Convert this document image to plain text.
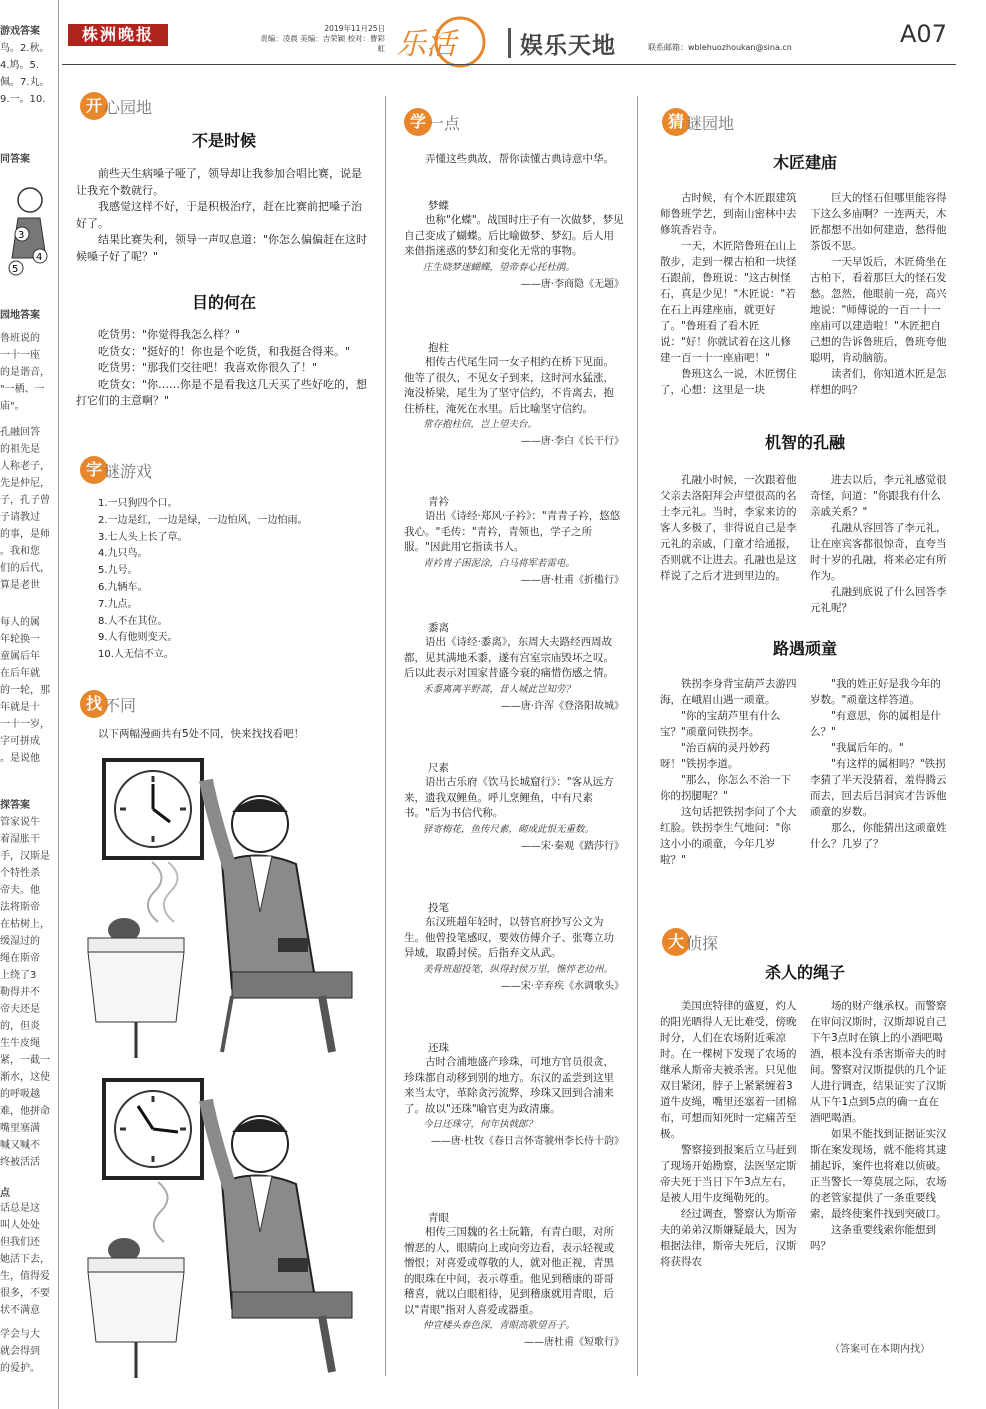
株洲晚报	2019年11月25日
责编：凌晨 美编：吉荣颖 校对：曹彩虹 乐活	娱乐天地	联系邮箱：wblehuozhoukan@sina.cn	A07
游戏答案
鸟。2.秋。
4.鸠。5.
佩。7.丸。
9.一。10.
同答案
3
4
5
园地答案
鲁班说的
一十一座
的是谐音，
"一栖、一
庙"。
孔融回答
的祖先是
人称老子，
先是仲尼，
子，孔子曾
子请教过
的事，是师
。我和您
们的后代，
算是老世
每人的属
年轮换一
童属后年
在后年就
的一轮，那
年就是十
一十一岁，
字可拼成
。是说他
探答案
管家说牛
着湿胀干
手，汉斯是
个特性杀
帝夫。他
法将斯帝
在枯树上，
缓湿过的
绳在斯帝
上绕了3
勒得并不
帝夫还是
的，但炎
生牛皮绳
紧，一截一
渐水，这使
的呼吸越
难，他拼命
嘴里塞满
喊又喊不
终被活活
点
话总是这
叫人处处
但我们还
她活下去，
生，值得爱
很多，不要
状不满意
学会与大
就会得到
的爱护。
开 心园地
不是时候

前些天生病嗓子哑了，领导却让我参加合唱比赛，说是让我充个数就行。

我感觉这样不好，于是积极治疗，赶在比赛前把嗓子治好了。

结果比赛失利，领导一声叹息道："你怎么偏偏赶在这时候嗓子好了呢？"

目的何在

吃货男："你觉得我怎么样？"

吃货女："挺好的！你也是个吃货，和我挺合得来。"

吃货男："那我们交往吧！我喜欢你很久了！"

吃货女："你……你是不是看我这几天买了些好吃的，想打它们的主意啊？"

字 谜游戏
1.一只狗四个口。
2.一边是红，一边是绿，一边怕风，一边怕雨。
3.七人头上长了草。
4.九只鸟。
5.九号。
6.九辆车。
7.九点。
8.人不在其位。
9.人有他则变天。
10.人无信不立。
找 不同
以下两幅漫画共有5处不同，快来找找看吧！
学 一点
弄懂这些典故，帮你读懂古典诗意中华。
梦蝶
也称"化蝶"。战国时庄子有一次做梦，梦见自己变成了蝴蝶。后比喻做梦、梦幻。后人用来借指迷惑的梦幻和变化无常的事物。
庄生晓梦迷蝴蝶，望帝春心托杜鹃。
——唐·李商隐《无题》
抱柱
相传古代尾生同一女子相约在桥下见面。他等了很久，不见女子到来，这时河水猛涨，淹没桥梁，尾生为了坚守信约，不肯离去，抱住桥柱，淹死在水里。后比喻坚守信约。
常存抱柱信，岂上望夫台。
——唐·李白《长干行》
青衿
语出《诗经·郑风·子衿》："青青子衿，悠悠我心。"毛传："青衿，青领也，学子之所服。"因此用它指读书人。
青衿胄子困泥涂，白马将军若雷电。
——唐·杜甫《折槛行》
黍离
语出《诗经·黍离》，东周大夫路经西周故都，见其满地禾黍，遂有宫室宗庙毁坏之叹。后以此表示对国家昔盛今衰的痛惜伤感之情。
禾黍离离半野蒿，昔人城此岂知劳？
——唐·许浑《登洛阳故城》
尺素
语出古乐府《饮马长城窟行》："客从远方来，遗我双鲤鱼。呼儿烹鲤鱼，中有尺素书。"后为书信代称。
驿寄梅花，鱼传尺素，砌成此恨无重数。
——宋·秦观《踏莎行》
投笔
东汉班超年轻时，以替官府抄写公文为生。他曾投笔感叹，要效仿傅介子、张骞立功异域，取爵封侯。后指弃文从武。
美骨班超投笔，纵得封侯万里，憔悴老边州。
——宋·辛弃疾《水调歌头》
还珠
古时合浦地盛产珍珠，可地方官员很贪，珍珠都自动移到别的地方。东汉的孟尝到这里来当太守，革除贪污流弊，珍珠又回到合浦来了。故以"还珠"喻官吏为政清廉。
今日还珠守，何年执戟郎？
——唐·杜牧《春日言怀寄虢州李长侍十韵》
青眼
相传三国魏的名士阮籍，有青白眼，对所憎恶的人，眼睛向上或向旁边看，表示轻视或憎恨；对喜爱或尊敬的人，就对他正视，青黑的眼珠在中间，表示尊重。他见到稽康的哥哥稽喜，就以白眼相待，见到稽康就用青眼，后以"青眼"指对人喜爱或器重。
仲宣楼头春色深，青眼高歌望吾子。
——唐杜甫《短歌行》
猜 谜园地
木匠建庙

古时候，有个木匠跟建筑师鲁班学艺，到南山密林中去修筑香岩寺。

一天，木匠陪鲁班在山上散步，走到一棵古柏和一块怪石跟前，鲁班说："这古树怪石，真是少见！"木匠说："若在石上再建座庙，就更好了。"鲁班看了看木匠说："好！你就试着在这儿修建一百一十一座庙吧！"

鲁班这么一说，木匠愣住了，心想：这里是一块

巨大的怪石但哪里能容得下这么多庙啊？一连两天，木匠都想不出如何建造，愁得他茶饭不思。

一天早饭后，木匠倚坐在古柏下，看着那巨大的怪石发愁。忽然，他眼前一亮，高兴地说："师傅说的一百一十一座庙可以建造啦！"木匠把自己想的告诉鲁班后，鲁班夸他聪明，肯动脑筋。

读者们，你知道木匠是怎样想的吗？

机智的孔融

孔融小时候，一次跟着他父亲去洛阳拜会声望很高的名士李元礼。当时，李家来访的客人多极了，非得说自己是李元礼的亲戚，门童才给通报，否则就不让进去。孔融也是这样说了之后才进到里边的。

进去以后，李元礼感觉很奇怪，问道："你跟我有什么亲戚关系？"

孔融从容回答了李元礼，让在座宾客都很惊奇，直夸当时十岁的孔融，将来必定有所作为。

孔融到底说了什么回答李元礼呢？

路遇顽童

铁拐李身背宝葫芦去游四海，在峨眉山遇一顽童。

"你的宝葫芦里有什么宝？"顽童问铁拐李。

"治百病的灵丹妙药呀！"铁拐李道。

"那么，你怎么不治一下你的拐腿呢？"

这句话把铁拐李问了个大红脸。铁拐李生气地问："你这小小的顽童，今年几岁啦？"

"我的姓正好是我今年的岁数。"顽童这样答道。

"有意思，你的属相是什么？"

"我属后年的。"

"有这样的属相吗？"铁拐李猜了半天没猜着，羞得腾云而去，回去后吕洞宾才告诉他顽童的岁数。

那么，你能猜出这顽童姓什么？几岁了？

大 侦探
杀人的绳子

美国庶特律的盛夏，灼人的阳光晒得人无比难受，傍晚时分，人们在农场附近乘凉时。在一棵树下发现了农场的继承人斯帝夫被杀害。只见他双目紧闭，脖子上紧紧缠着3道牛皮绳，嘴里还塞着一团棉布，可想而知死时一定痛苦至极。

警察接到报案后立马赶到了现场开始勘察，法医坚定斯帝夫死于当日下午3点左右，是被人用牛皮绳勒死的。

经过调查，警察认为斯帝夫的弟弟汉斯嫌疑最大，因为根据法律，斯帝夫死后，汉斯将获得农

场的财产继承权。而警察在审问汉斯时，汉斯却说自己下午3点时在镇上的小酒吧喝酒，根本没有杀害斯帝夫的时间。警察对汉斯提供的几个证人进行调查，结果证实了汉斯从下午1点到5点的确一直在酒吧喝酒。

如果不能找到证据证实汉斯在案发现场，就不能将其逮捕起诉，案件也将难以侦破。正当警长一筹莫展之际，农场的老管家提供了一条重要线索，最终使案件找到突破口。

这条重要线索你能想到吗？

（答案可在本期内找）
